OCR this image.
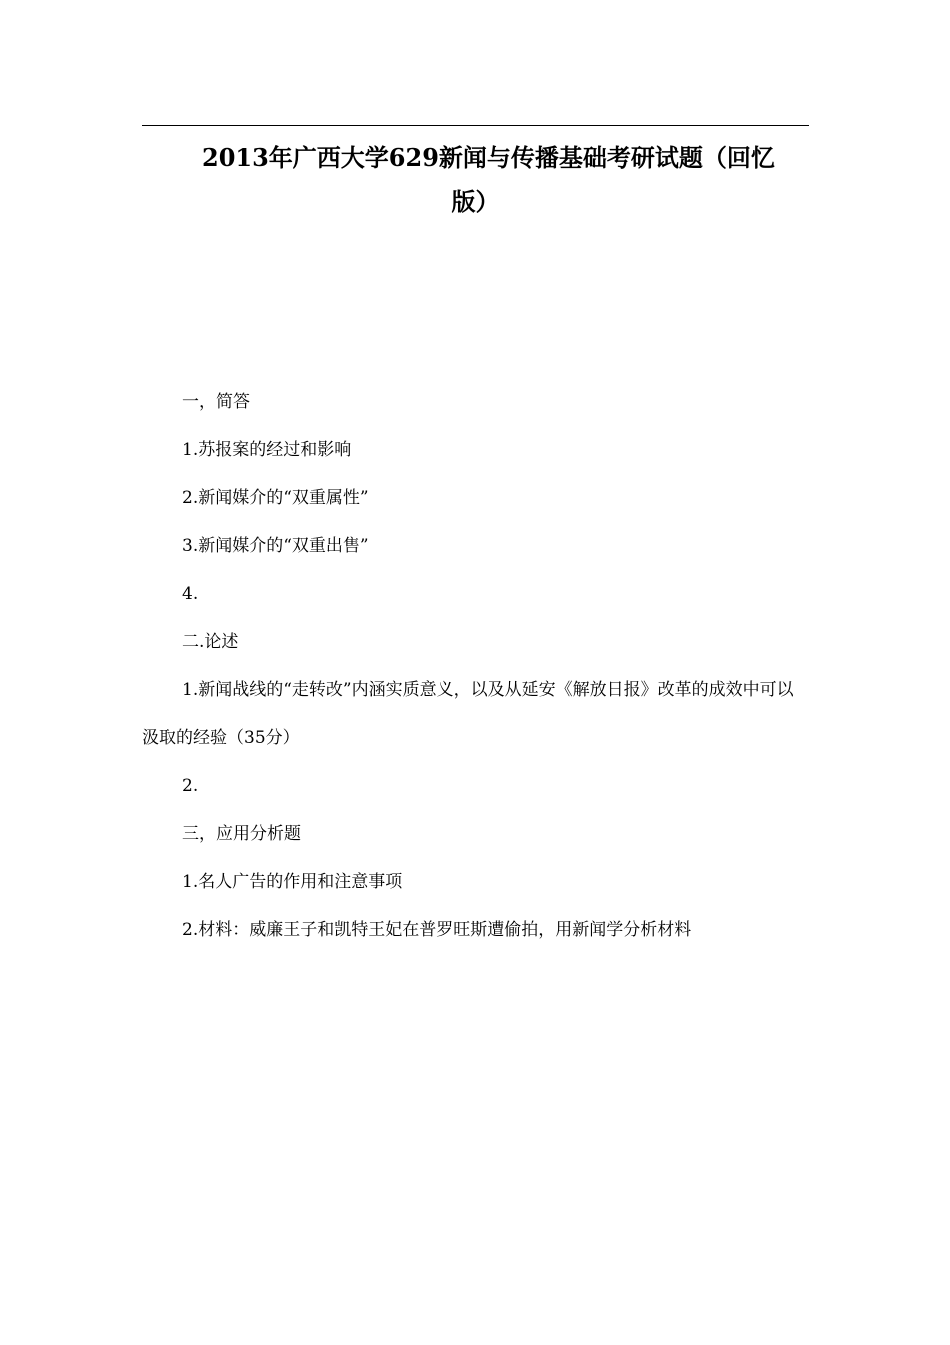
2013年广西大学629新闻与传播基础考研试题（回忆
版）

一，简答

1.苏报案的经过和影响

2.新闻媒介的“双重属性”

3.新闻媒介的“双重出售”

4.

二.论述

1.新闻战线的“走转改”内涵实质意义，以及从延安《解放日报》改革的成效中可以汲取的经验（35分）

2.

三，应用分析题

1.名人广告的作用和注意事项

2.材料：威廉王子和凯特王妃在普罗旺斯遭偷拍，用新闻学分析材料
